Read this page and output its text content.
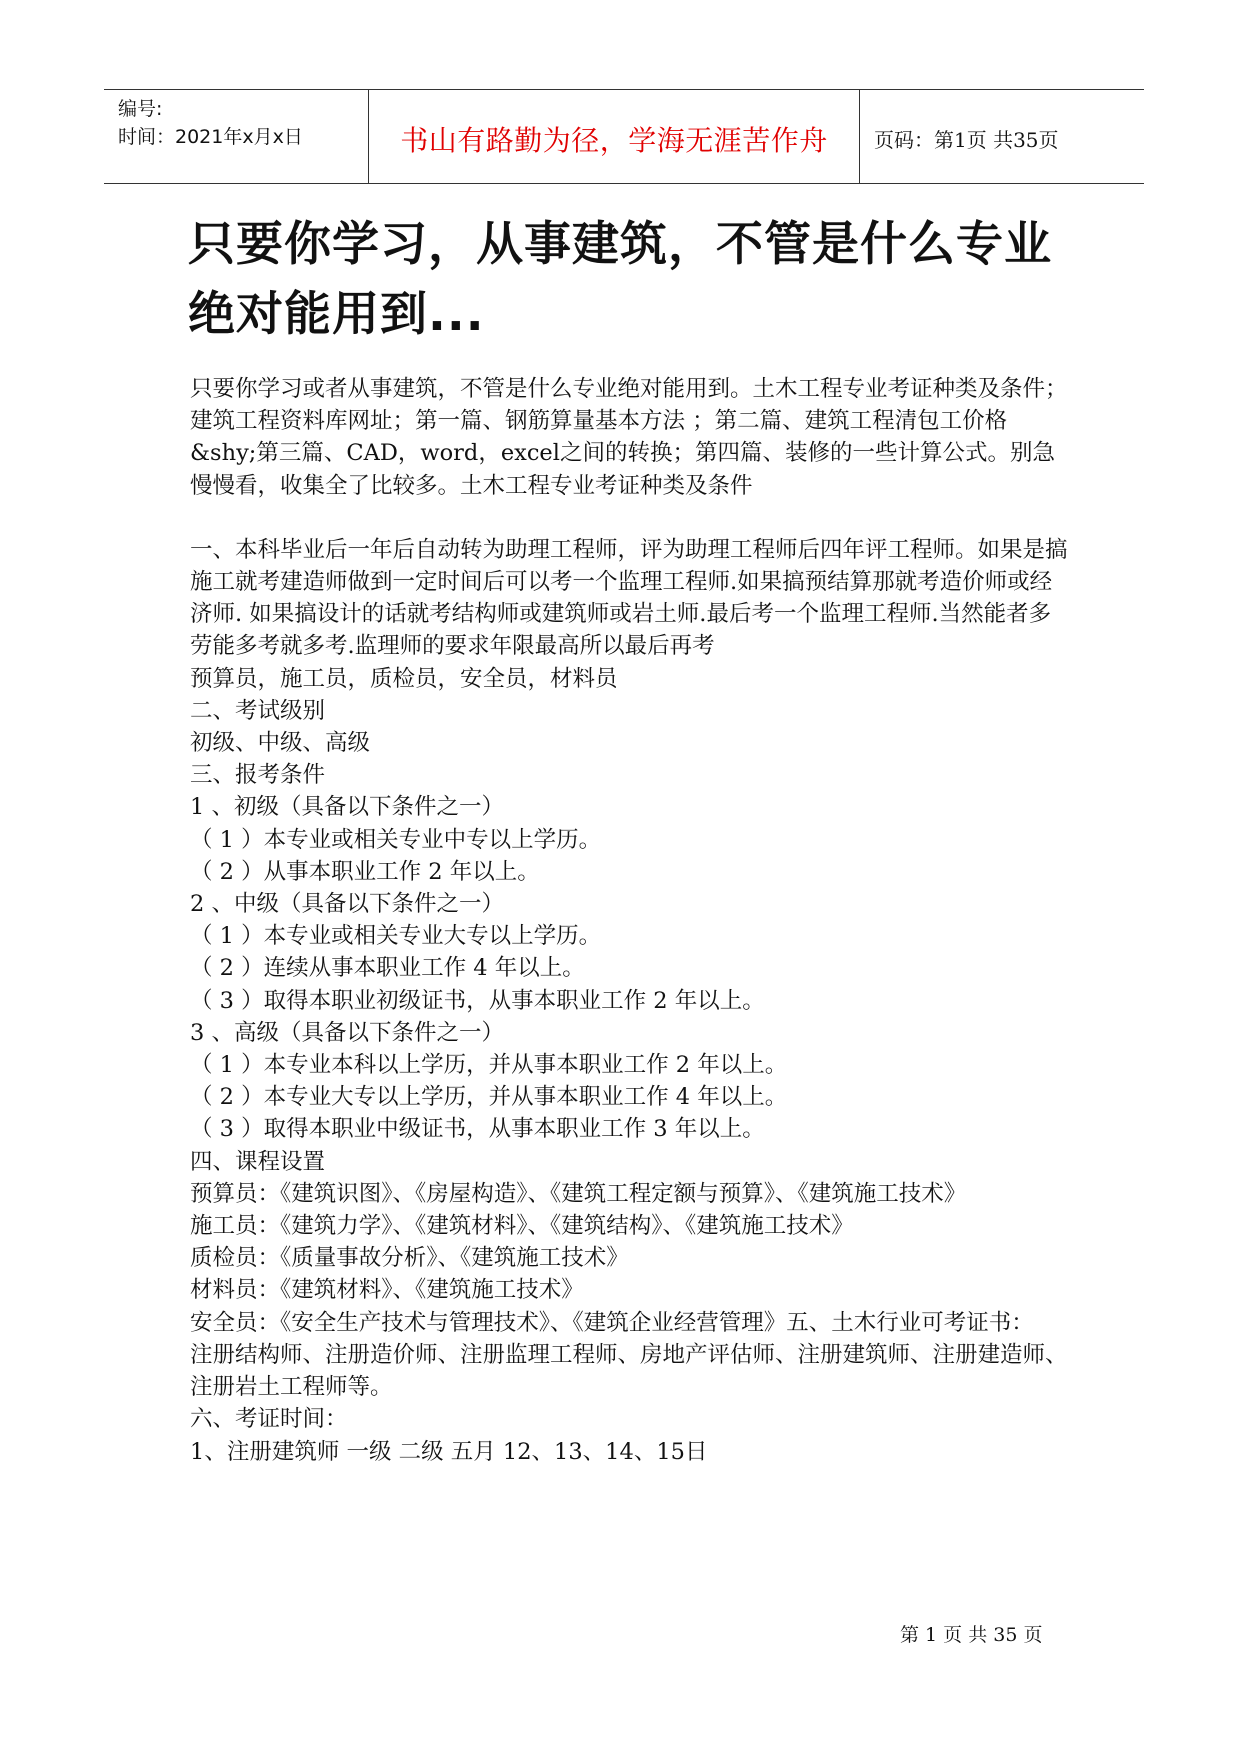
编号:
时间：2021年x月x日	书山有路勤为径，学海无涯苦作舟	页码：第1页 共35页
只要你学习，从事建筑，不管是什么专业绝对能用到...

只要你学习或者从事建筑，不管是什么专业绝对能用到。土木工程专业考证种类及条件；建筑工程资料库网址；第一篇、钢筋算量基本方法 ；第二篇、建筑工程清包工价格&shy;第三篇、CAD，word，excel之间的转换；第四篇、装修的一些计算公式。别急慢慢看，收集全了比较多。土木工程专业考证种类及条件

一、本科毕业后一年后自动转为助理工程师，评为助理工程师后四年评工程师。如果是搞施工就考建造师做到一定时间后可以考一个监理工程师.如果搞预结算那就考造价师或经济师. 如果搞设计的话就考结构师或建筑师或岩土师.最后考一个监理工程师.当然能者多劳能多考就多考.监理师的要求年限最高所以最后再考

预算员，施工员，质检员，安全员，材料员

二、考试级别

初级、中级、高级

三、报考条件

1 、初级（具备以下条件之一）

（ 1 ）本专业或相关专业中专以上学历。

（ 2 ）从事本职业工作 2 年以上。

2 、中级（具备以下条件之一）

（ 1 ）本专业或相关专业大专以上学历。

（ 2 ）连续从事本职业工作 4 年以上。

（ 3 ）取得本职业初级证书，从事本职业工作 2 年以上。

3 、高级（具备以下条件之一）

（ 1 ）本专业本科以上学历，并从事本职业工作 2 年以上。

（ 2 ）本专业大专以上学历，并从事本职业工作 4 年以上。

（ 3 ）取得本职业中级证书，从事本职业工作 3 年以上。

四、课程设置

预算员：《建筑识图》、《房屋构造》、《建筑工程定额与预算》、《建筑施工技术》

施工员：《建筑力学》、《建筑材料》、《建筑结构》、《建筑施工技术》

质检员：《质量事故分析》、《建筑施工技术》

材料员：《建筑材料》、《建筑施工技术》

安全员：《安全生产技术与管理技术》、《建筑企业经营管理》五、土木行业可考证书：

注册结构师、注册造价师、注册监理工程师、房地产评估师、注册建筑师、注册建造师、注册岩土工程师等。

六、考证时间：

1、注册建筑师 一级 二级 五月 12、13、14、15日

第 1 页 共 35 页
